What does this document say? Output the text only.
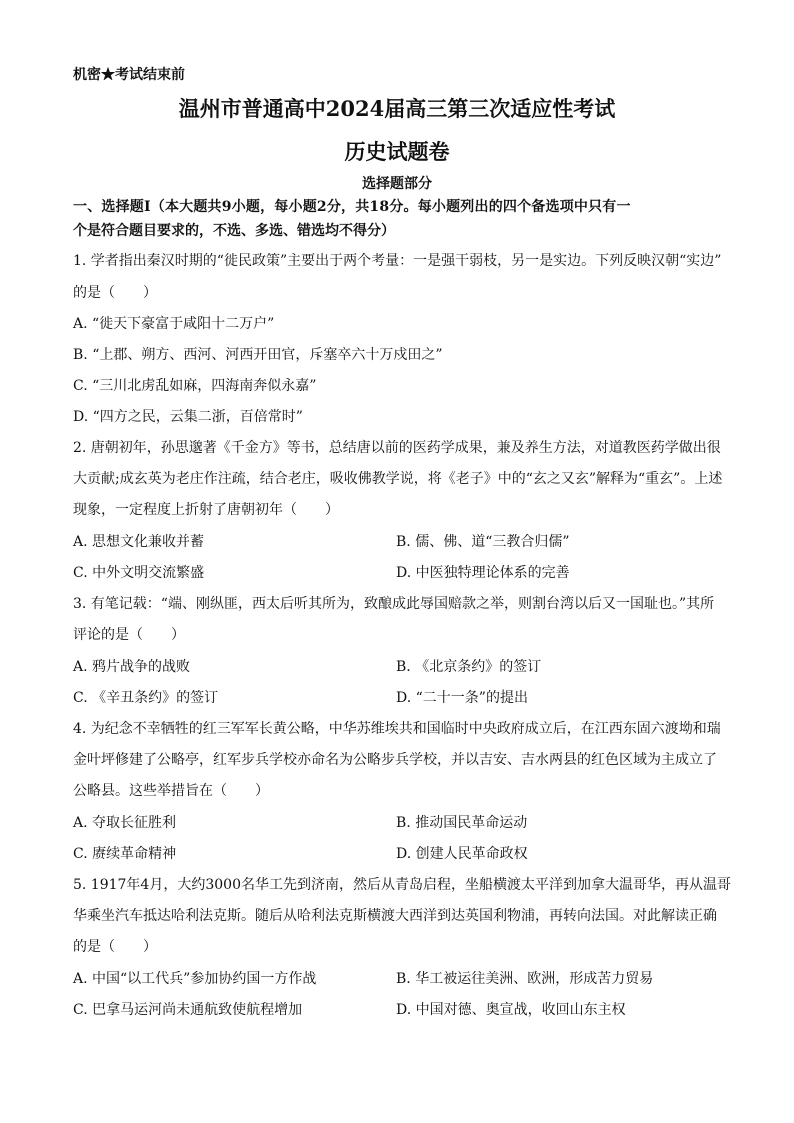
机密★考试结束前
温州市普通高中2024届高三第三次适应性考试
历史试题卷
选择题部分
一、选择题Ⅰ（本大题共9小题，每小题2分，共18分。每小题列出的四个备选项中只有一
个是符合题目要求的，不选、多选、错选均不得分）
1. 学者指出秦汉时期的“徙民政策”主要出于两个考量：一是强干弱枝，另一是实边。下列反映汉朝“实边”
的是（　　）
A. “徙天下豪富于咸阳十二万户”
B. “上郡、朔方、西河、河西开田官，斥塞卒六十万戍田之”
C. “三川北虏乱如麻，四海南奔似永嘉”
D. “四方之民，云集二浙，百倍常时”
2. 唐朝初年，孙思邈著《千金方》等书，总结唐以前的医药学成果，兼及养生方法，对道教医药学做出很
大贡献;成玄英为老庄作注疏，结合老庄，吸收佛教学说，将《老子》中的“玄之又玄”解释为“重玄”。上述
现象，一定程度上折射了唐朝初年（　　）
A. 思想文化兼收并蓄	B. 儒、佛、道“三教合归儒”
C. 中外文明交流繁盛	D. 中医独特理论体系的完善
3. 有笔记载：“端、刚纵匪，西太后听其所为，致酿成此辱国赔款之举，则割台湾以后又一国耻也。”其所
评论的是（　　）
A. 鸦片战争的战败	B. 《北京条约》的签订
C. 《辛丑条约》的签订	D. “二十一条”的提出
4. 为纪念不幸牺牲的红三军军长黄公略，中华苏维埃共和国临时中央政府成立后，在江西东固六渡坳和瑞
金叶坪修建了公略亭，红军步兵学校亦命名为公略步兵学校，并以吉安、吉水两县的红色区域为主成立了
公略县。这些举措旨在（　　）
A. 夺取长征胜利	B. 推动国民革命运动
C. 赓续革命精神	D. 创建人民革命政权
5. 1917年4月，大约3000名华工先到济南，然后从青岛启程，坐船横渡太平洋到加拿大温哥华，再从温哥
华乘坐汽车抵达哈利法克斯。随后从哈利法克斯横渡大西洋到达英国利物浦，再转向法国。对此解读正确
的是（　　）
A. 中国“以工代兵”参加协约国一方作战	B. 华工被运往美洲、欧洲，形成苦力贸易
C. 巴拿马运河尚未通航致使航程增加	D. 中国对德、奥宣战，收回山东主权
